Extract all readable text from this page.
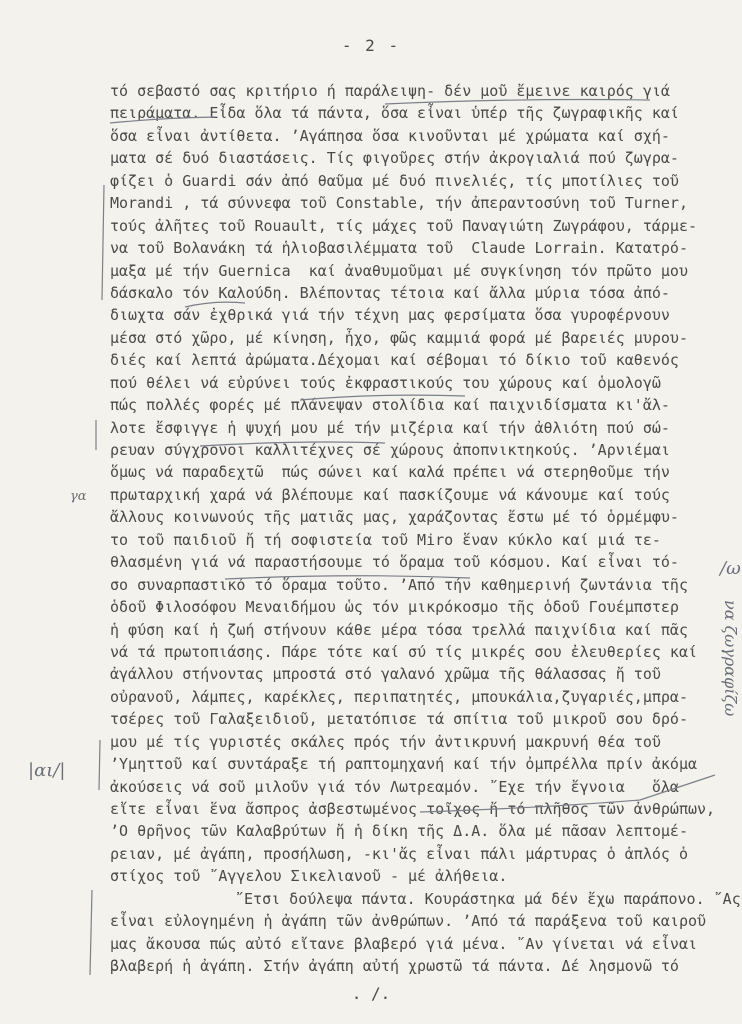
- 2 -
τό σεβαστό σας κριτήριο ή παράλειψη- δέν μοῦ ἔμεινε καιρός γιά
πειράματα. Εἶδα ὅλα τά πάντα, ὅσα εἶναι ὑπέρ τῆς ζωγραφικῆς καί
ὅσα εἶναι ἀντίθετα. ʼΑγάπησα ὅσα κινοῦνται μέ χρώματα καί σχή-
ματα σέ δυό διαστάσεις. Τίς φιγοῦρες στήν ἀκρογιαλιά πού ζωγρα-
φίζει ὁ Guardi σάν ἀπό θαῦμα μέ δυό πινελιές, τίς μποτίλιες τοῦ
Morandi , τά σύννεφα τοῦ Constable, τήν ἀπεραντοσύνη τοῦ Turner,
τούς ἀλῆτες τοῦ Rouault, τίς μάχες τοῦ Παναγιώτη Ζωγράφου, τάρμε-
να τοῦ Βολανάκη τά ἡλιοβασιλέμματα τοῦ  Claude Lorrain. Κατατρό-
μαξα μέ τήν Guernica  καί ἀναθυμοῦμαι μέ συγκίνηση τόν πρῶτο μου
δάσκαλο τόν Καλούδη. Βλέποντας τέτοια καί ἄλλα μύρια τόσα ἀπό-
διωχτα σάν ἐχθρικά γιά τήν τέχνη μας φερσίματα ὅσα γυροφέρνουν
μέσα στό χῶρο, μέ κίνηση, ἦχο, φῶς καμμιά φορά μέ βαρειές μυρου-
διές καί λεπτά ἀρώματα.Δέχομαι καί σέβομαι τό δίκιο τοῦ καθενός
πού θέλει νά εὐρύνει τούς ἐκφραστικούς του χώρους καί ὁμολογῶ
πώς πολλές φορές μέ πλάνεψαν στολίδια καί παιχνιδίσματα κι'ἄλ-
λοτε ἔσφιγγε ἡ ψυχή μου μέ τήν μιζέρια καί τήν ἀθλιότη πού σώ-
ρευαν σύγχρονοι καλλιτέχνες σέ χώρους ἀποπνικτηκούς. ʼΑρνιέμαι
ὅμως νά παραδεχτῶ  πώς σώνει καί καλά πρέπει νά στερηθοῦμε τήν
πρωταρχική χαρά νά βλέπουμε καί πασκίζουμε νά κάνουμε καί τούς
ἄλλους κοινωνούς τῆς ματιᾶς μας, χαράζοντας ἔστω μέ τό ὁρμέμφυ-
το τοῦ παιδιοῦ ἤ τή σοφιστεία τοῦ Miro ἕναν κύκλο καί μιά τε-
θλασμένη γιά νά παραστήσουμε τό ὅραμα τοῦ κόσμου. Καί εἶναι τό-
σο συναρπαστικό τό ὅραμα τοῦτο. ʼΑπό τήν καθημερινή ζωντάνια τῆς
ὁδοῦ Φιλοσόφου Μεναιδήμου ὡς τόν μικρόκοσμο τῆς ὁδοῦ Γουέμπστερ
ἡ φύση καί ἡ ζωή στήνουν κάθε μέρα τόσα τρελλά παιχνίδια καί πᾶς
νά τά πρωτοπιάσης. Πάρε τότε καί σύ τίς μικρές σου ἐλευθερίες καί
ἀγάλλου στήνοντας μπροστά στό γαλανό χρῶμα τῆς θάλασσας ἤ τοῦ
οὐρανοῦ, λάμπες, καρέκλες, περιπατητές, μπουκάλια,ζυγαριές,μπρα-
τσέρες τοῦ Γαλαξειδιοῦ, μετατόπισε τά σπίτια τοῦ μικροῦ σου δρό-
μου μέ τίς γυριστές σκάλες πρός τήν ἀντικρυνή μακρυνή θέα τοῦ
ʼΥμηττοῦ καί συντάραξε τή ραπτομηχανή καί τήν ὀμπρέλλα πρίν ἀκόμα
ἀκούσεις νά σοῦ μιλοῦν γιά τόν Λωτρεαμόν. ῎Εχε τήν ἔγνοια   ὅλα
εἴτε εἶναι ἕνα ἄσπρος ἀσβεστωμένος τοῖχος ἤ τό πλῆθος τῶν ἀνθρώπων,
ʼΟ θρῆνος τῶν Καλαβρύτων ἤ ἡ δίκη τῆς Δ.Α. ὅλα μέ πᾶσαν λεπτομέ-
ρειαν, μέ ἀγάπη, προσήλωση, -κι'ἄς εἶναι πάλι μάρτυρας ὁ ἁπλός ὁ
στίχος τοῦ ῎Αγγελου Σικελιανοῦ - μέ ἀλήθεια.
῎Ετσι δούλεψα πάντα. Κουράστηκα μά δέν ἔχω παράπονο. ῎Ας
εἶναι εὐλογημένη ἡ ἀγάπη τῶν ἀνθρώπων. ʼΑπό τά παράξενα τοῦ καιροῦ
μας ἄκουσα πώς αὐτό εἴτανε βλαβερό γιά μένα. ῎Αν γίνεται νά εἶναι
βλαβερή ἡ ἀγάπη. Στήν ἀγάπη αὐτή χρωστῶ τά πάντα. Δέ λησμονῶ τό
. /.
γα
/ω
να ζωγραφίζω
|αι/|
